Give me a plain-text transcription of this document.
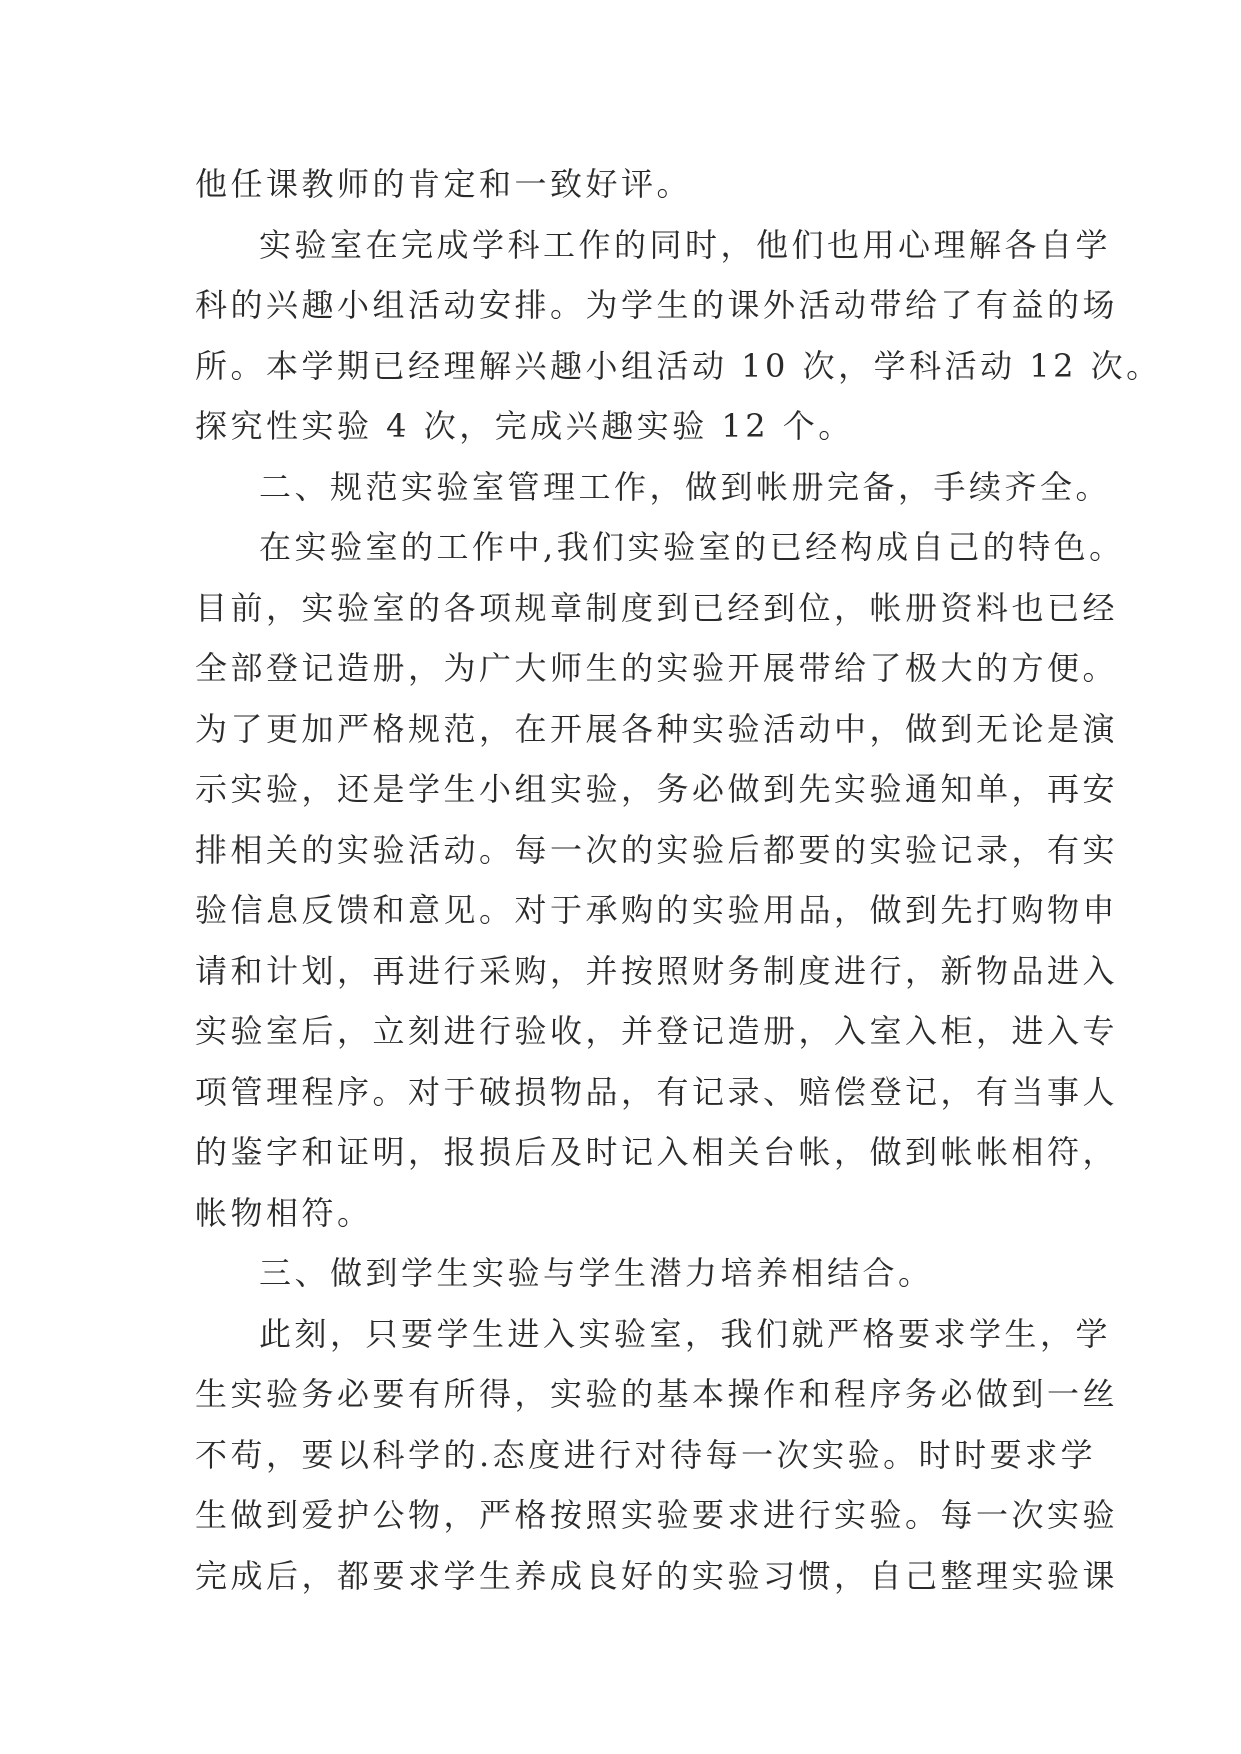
他任课教师的肯定和一致好评。
实验室在完成学科工作的同时，他们也用心理解各自学
科的兴趣小组活动安排。为学生的课外活动带给了有益的场
所。本学期已经理解兴趣小组活动 10 次，学科活动 12 次。
探究性实验 4 次，完成兴趣实验 12 个。
二、规范实验室管理工作，做到帐册完备，手续齐全。
在实验室的工作中,我们实验室的已经构成自己的特色。
目前，实验室的各项规章制度到已经到位，帐册资料也已经
全部登记造册，为广大师生的实验开展带给了极大的方便。
为了更加严格规范，在开展各种实验活动中，做到无论是演
示实验，还是学生小组实验，务必做到先实验通知单，再安
排相关的实验活动。每一次的实验后都要的实验记录，有实
验信息反馈和意见。对于承购的实验用品，做到先打购物申
请和计划，再进行采购，并按照财务制度进行，新物品进入
实验室后，立刻进行验收，并登记造册，入室入柜，进入专
项管理程序。对于破损物品，有记录、赔偿登记，有当事人
的鉴字和证明，报损后及时记入相关台帐，做到帐帐相符，
帐物相符。
三、做到学生实验与学生潜力培养相结合。
此刻，只要学生进入实验室，我们就严格要求学生，学
生实验务必要有所得，实验的基本操作和程序务必做到一丝
不苟，要以科学的.态度进行对待每一次实验。时时要求学
生做到爱护公物，严格按照实验要求进行实验。每一次实验
完成后，都要求学生养成良好的实验习惯，自己整理实验课
